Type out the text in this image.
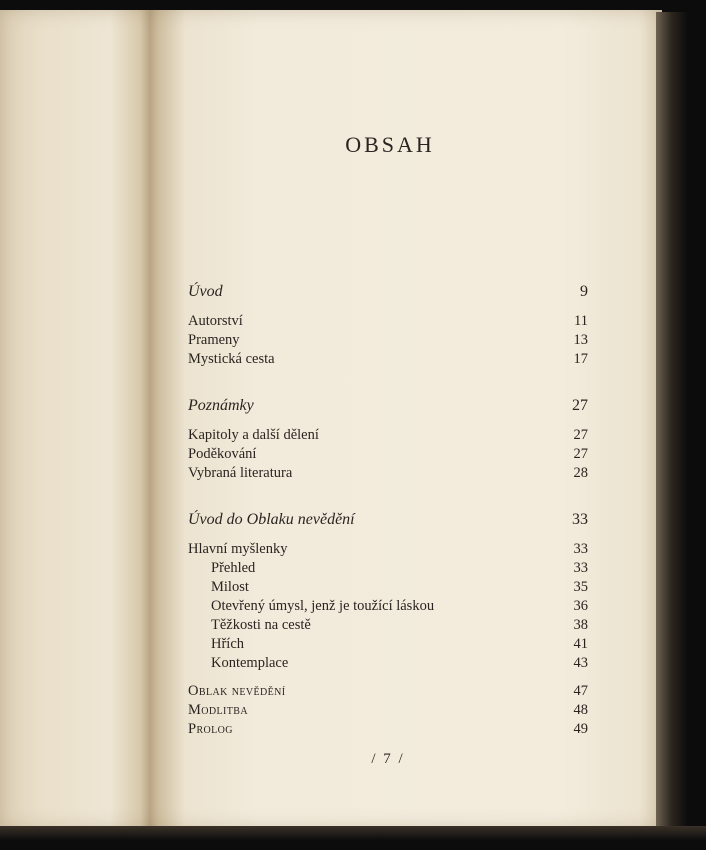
OBSAH
Úvod	9
Autorství	11
Prameny	13
Mystická cesta	17
Poznámky	27
Kapitoly a další dělení	27
Poděkování	27
Vybraná literatura	28
Úvod do Oblaku nevědění	33
Hlavní myšlenky	33
Přehled	33
Milost	35
Otevřený úmysl, jenž je toužící láskou	36
Těžkosti na cestě	38
Hřích	41
Kontemplace	43
Oblak nevědění	47
Modlitba	48
Prolog	49
/ 7 /
